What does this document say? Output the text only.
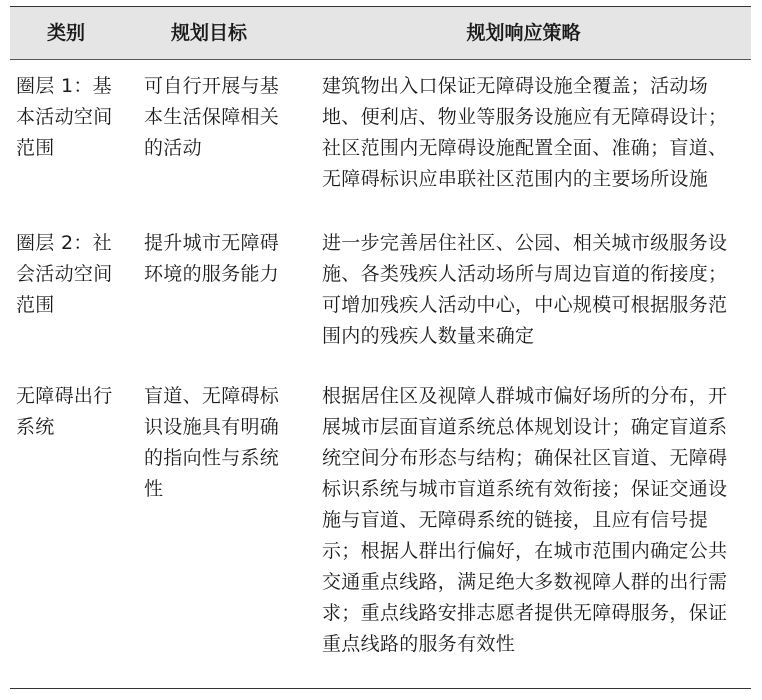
类别	规划目标	规划响应策略
圈层 1：基本活动空间范围
可自行开展与基本生活保障相关的活动
建筑物出入口保证无障碍设施全覆盖；活动场地、便利店、物业等服务设施应有无障碍设计；社区范围内无障碍设施配置全面、准确；盲道、无障碍标识应串联社区范围内的主要场所设施
圈层 2：社会活动空间范围
提升城市无障碍环境的服务能力
进一步完善居住社区、公园、相关城市级服务设施、各类残疾人活动场所与周边盲道的衔接度；可增加残疾人活动中心，中心规模可根据服务范围内的残疾人数量来确定
无障碍出行系统
盲道、无障碍标识设施具有明确的指向性与系统性
根据居住区及视障人群城市偏好场所的分布，开展城市层面盲道系统总体规划设计；确定盲道系统空间分布形态与结构；确保社区盲道、无障碍标识系统与城市盲道系统有效衔接；保证交通设施与盲道、无障碍系统的链接，且应有信号提示；根据人群出行偏好，在城市范围内确定公共交通重点线路，满足绝大多数视障人群的出行需求；重点线路安排志愿者提供无障碍服务，保证重点线路的服务有效性
